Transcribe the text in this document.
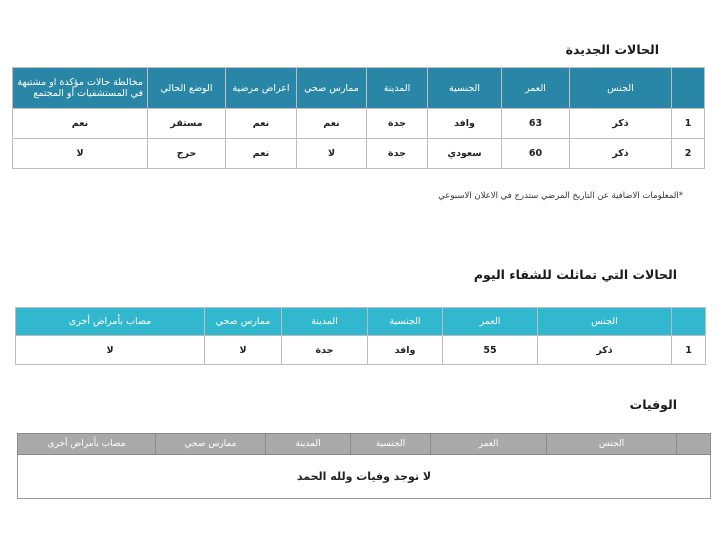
الحالات الجديدة
	الجنس	العمر	الجنسية	المدينة	ممارس صحي	اعراض مرضية	الوضع الحالي	مخالطة حالات مؤكدة او مشتبهة في المستشفيات أو المجتمع
1	ذكر	63	وافد	جدة	نعم	نعم	مستقر	نعم
2	ذكر	60	سعودي	جدة	لا	نعم	حرج	لا
*المعلومات الاضافية عن التاريخ المرضي ستدرج في الاعلان الاسبوعي
الحالات التي تماثلت للشفاء اليوم
	الجنس	العمر	الجنسية	المدينة	ممارس صحي	مصاب بأمراض أخرى
1	ذكر	55	وافد	جدة	لا	لا
الوفيات
	الجنس	العمر	الجنسية	المدينة	ممارس صحي	مصاب بأمراض أخرى
لا توجد وفيات ولله الحمد
